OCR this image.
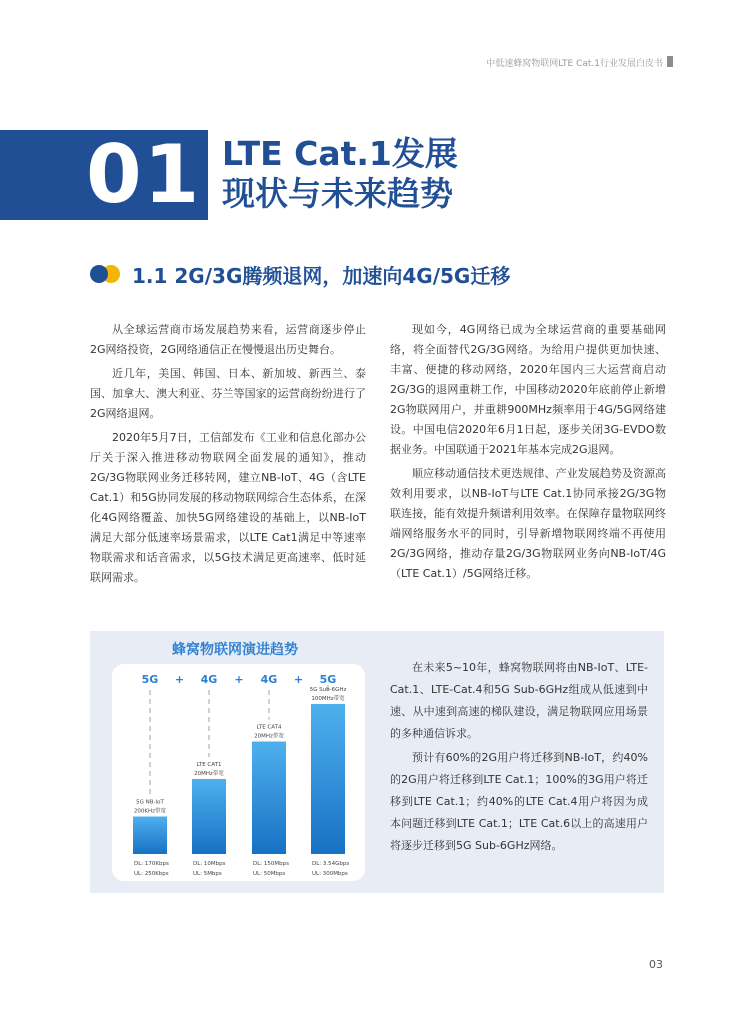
中低速蜂窝物联网LTE Cat.1行业发展白皮书
01 LTE Cat.1发展
现状与未来趋势
1.1 2G/3G腾频退网，加速向4G/5G迁移

从全球运营商市场发展趋势来看，运营商逐步停止2G网络投资，2G网络通信正在慢慢退出历史舞台。

近几年，美国、韩国、日本、新加坡、新西兰、泰国、加拿大、澳大利亚、芬兰等国家的运营商纷纷进行了2G网络退网。

2020年5月7日，工信部发布《工业和信息化部办公厅关于深入推进移动物联网全面发展的通知》，推动2G/3G物联网业务迁移转网，建立NB-IoT、4G（含LTE Cat.1）和5G协同发展的移动物联网综合生态体系，在深化4G网络覆盖、加快5G网络建设的基础上，以NB-IoT满足大部分低速率场景需求，以LTE Cat1满足中等速率物联需求和话音需求，以5G技术满足更高速率、低时延联网需求。

现如今，4G网络已成为全球运营商的重要基础网络，将全面替代2G/3G网络。为给用户提供更加快速、丰富、便捷的移动网络，2020年国内三大运营商启动2G/3G的退网重耕工作，中国移动2020年底前停止新增2G物联网用户，并重耕900MHz频率用于4G/5G网络建设。中国电信2020年6月1日起，逐步关闭3G-EVDO数据业务。中国联通于2021年基本完成2G退网。

顺应移动通信技术更迭规律、产业发展趋势及资源高效利用要求，以NB-IoT与LTE Cat.1协同承接2G/3G物联连接，能有效提升频谱利用效率。在保障存量物联网终端网络服务水平的同时，引导新增物联网终端不再使用2G/3G网络，推动存量2G/3G物联网业务向NB-IoT/4G（LTE Cat.1）/5G网络迁移。

蜂窝物联网演进趋势
5G + 4G + 4G + 5G
5G NB-IoT
200KHz带宽
DL: 170Kbps
UL: 250Kbps
LTE CAT1
20MHz带宽
DL: 10Mbps
UL: 5Mbps
LTE CAT4
20MHz带宽
DL: 150Mbps
UL: 50Mbps
5G Sub-6GHz
100MHz带宽
DL: 3.54Gbps
UL: 300Mbps

在未来5~10年，蜂窝物联网将由NB-IoT、LTE-Cat.1、LTE-Cat.4和5G Sub-6GHz组成从低速到中速、从中速到高速的梯队建设，满足物联网应用场景的多种通信诉求。

预计有60%的2G用户将迁移到NB-IoT，约40%的2G用户将迁移到LTE Cat.1；100%的3G用户将迁移到LTE Cat.1；约40%的LTE Cat.4用户将因为成本问题迁移到LTE Cat.1；LTE Cat.6以上的高速用户将逐步迁移到5G Sub-6GHz网络。

03
